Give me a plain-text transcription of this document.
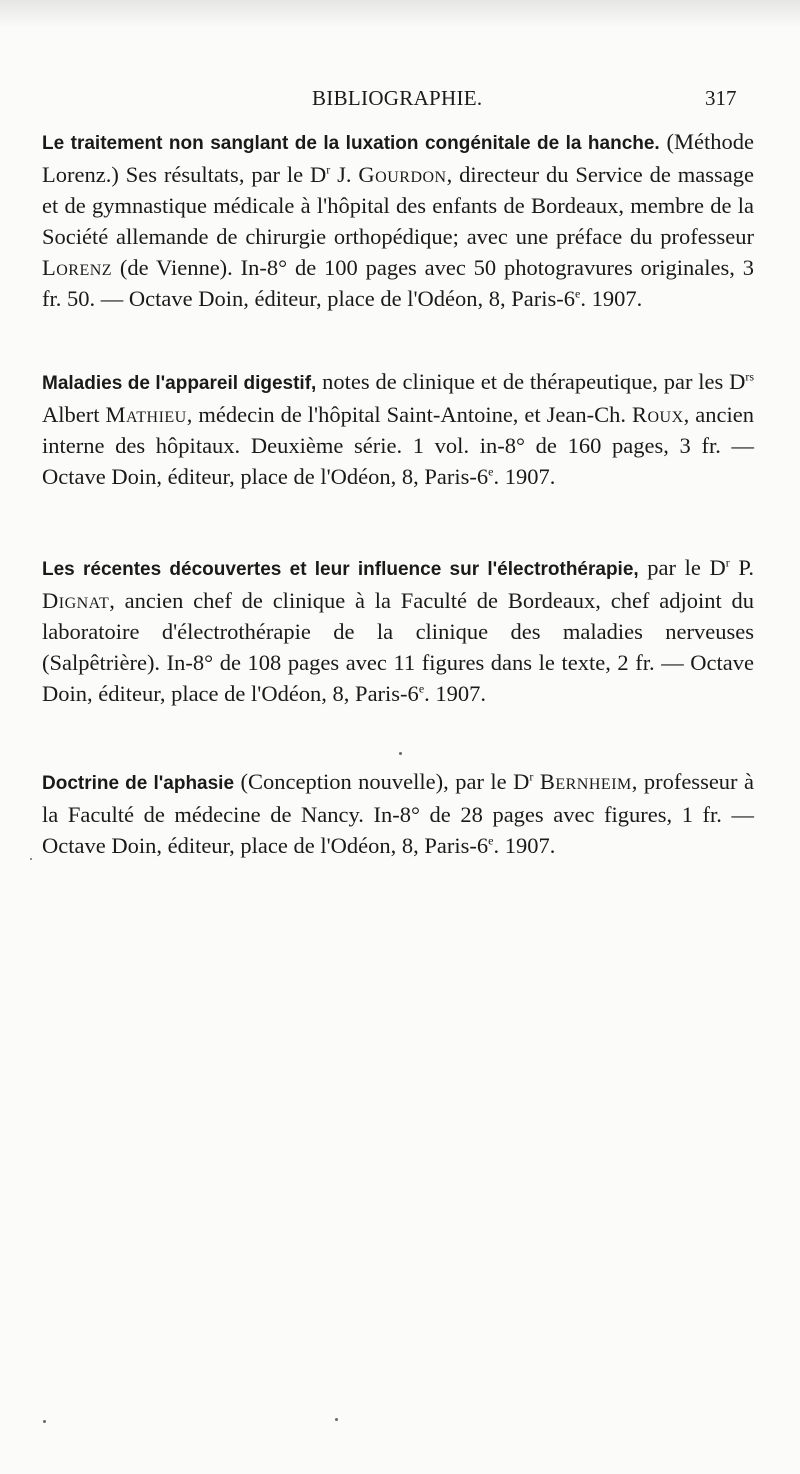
BIBLIOGRAPHIE.	317

Le traitement non sanglant de la luxation congénitale de la hanche. (Méthode Lorenz.) Ses résultats, par le $D^r$ J. Gourdon, directeur du Service de massage et de gymnastique médicale à l'hôpital des enfants de Bordeaux, membre de la Société allemande de chirurgie orthopédique; avec une préface du professeur Lorenz (de Vienne). In-8° de 100 pages avec 50 photogravures originales, 3 fr. 50. — Octave Doin, éditeur, place de l'Odéon, 8, Paris-6e. 1907.

Maladies de l'appareil digestif, notes de clinique et de thérapeutique, par les $D^{rs}$ Albert Mathieu, médecin de l'hôpital Saint-Antoine, et Jean-Ch. Roux, ancien interne des hôpitaux. Deuxième série. 1 vol. in-8° de 160 pages, 3 fr. — Octave Doin, éditeur, place de l'Odéon, 8, Paris-6e. 1907.

Les récentes découvertes et leur influence sur l'électrothérapie, par le $D^r$ P. Dignat, ancien chef de clinique à la Faculté de Bordeaux, chef adjoint du laboratoire d'électrothérapie de la clinique des maladies nerveuses (Salpêtrière). In-8° de 108 pages avec 11 figures dans le texte, 2 fr. — Octave Doin, éditeur, place de l'Odéon, 8, Paris-6e. 1907.

Doctrine de l'aphasie (Conception nouvelle), par le $D^r$ Bernheim, professeur à la Faculté de médecine de Nancy. In-8° de 28 pages avec figures, 1 fr. — Octave Doin, éditeur, place de l'Odéon, 8, Paris-6e. 1907.
